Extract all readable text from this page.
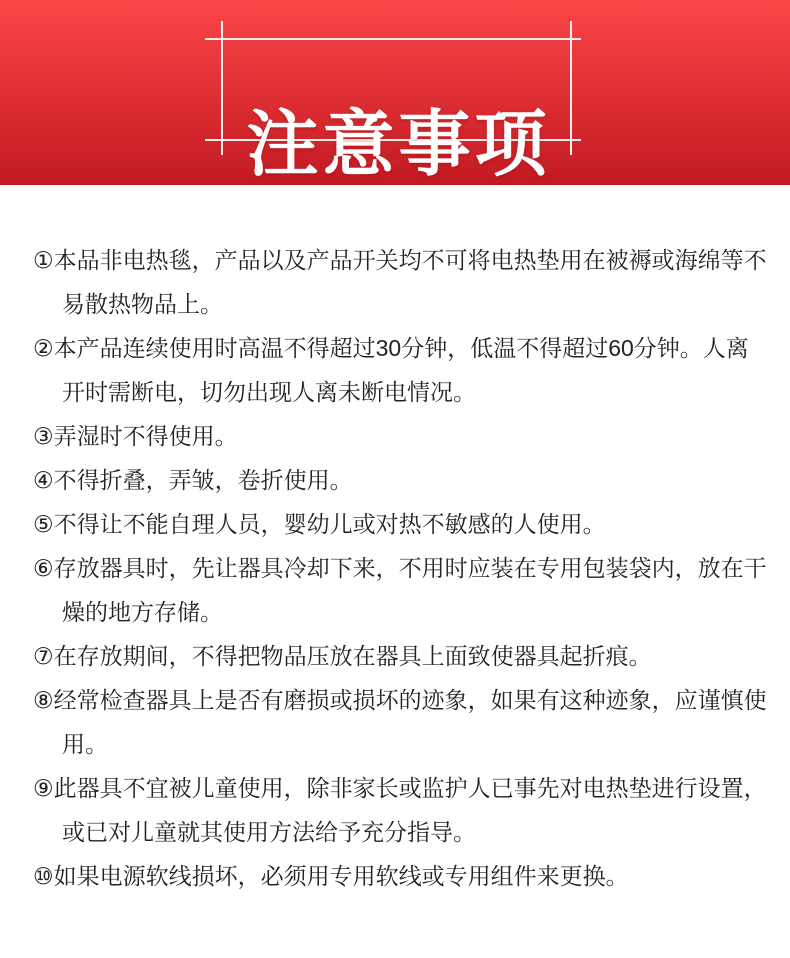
注意事项

①本品非电热毯，产品以及产品开关均不可将电热垫用在被褥或海绵等不易散热物品上。

②本产品连续使用时高温不得超过30分钟，低温不得超过60分钟。人离开时需断电，切勿出现人离未断电情况。

③弄湿时不得使用。

④不得折叠，弄皱，卷折使用。

⑤不得让不能自理人员，婴幼儿或对热不敏感的人使用。

⑥存放器具时，先让器具冷却下来，不用时应装在专用包装袋内，放在干燥的地方存储。

⑦在存放期间，不得把物品压放在器具上面致使器具起折痕。

⑧经常检查器具上是否有磨损或损坏的迹象，如果有这种迹象，应谨慎使用。

⑨此器具不宜被儿童使用，除非家长或监护人已事先对电热垫进行设置，或已对儿童就其使用方法给予充分指导。

⑩如果电源软线损坏，必须用专用软线或专用组件来更换。
